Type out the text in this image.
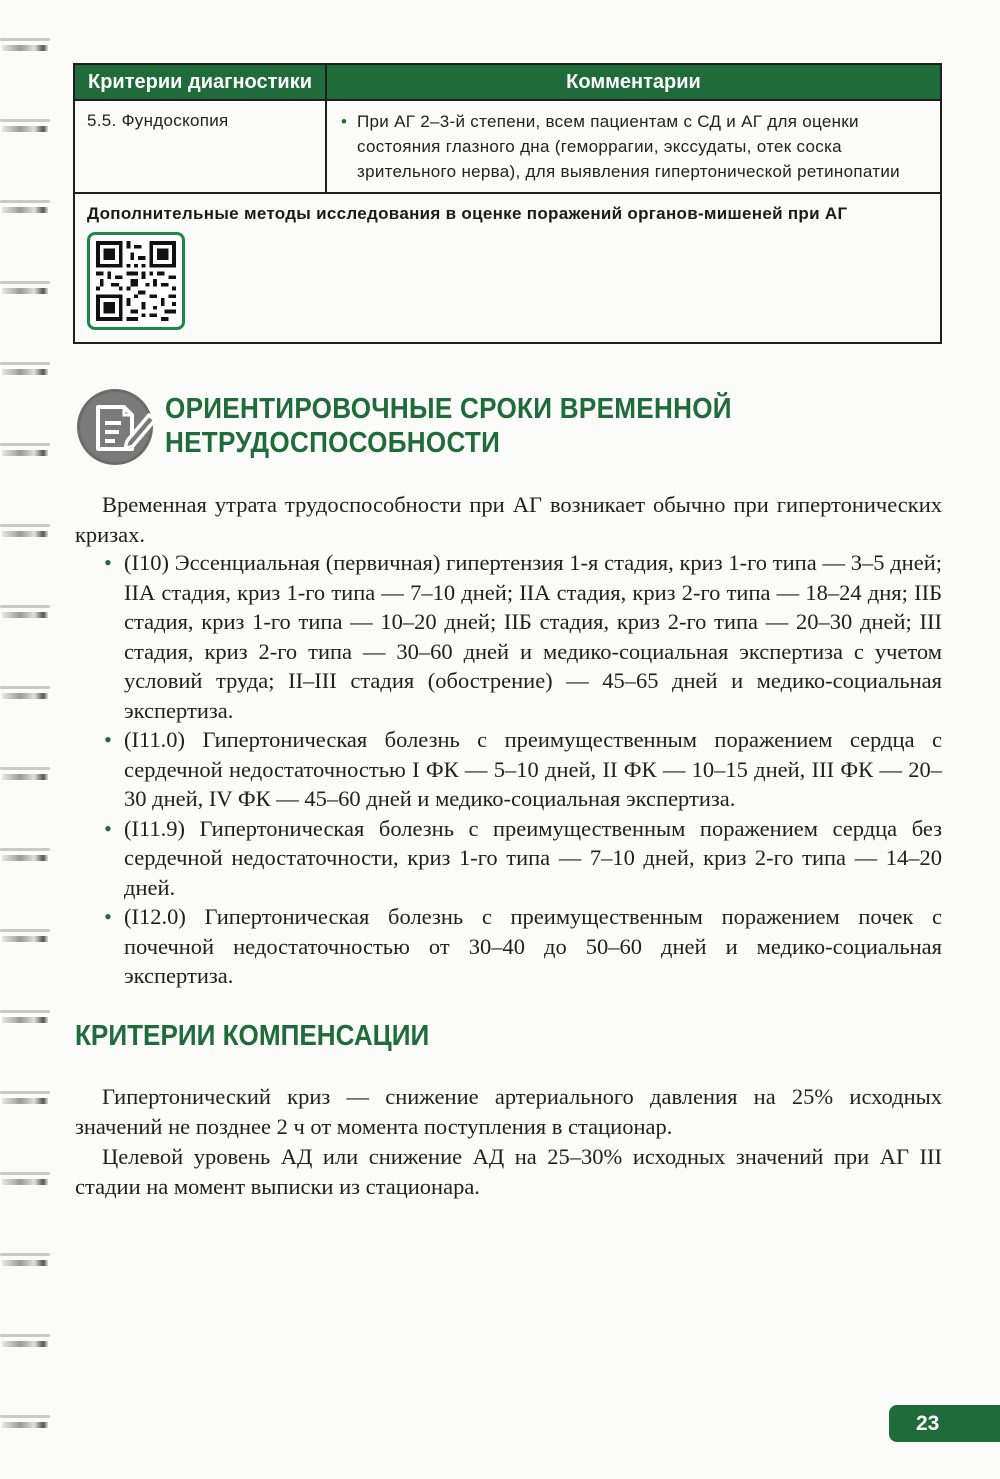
Критерии диагностики	Комментарии
5.5. Фундоскопия	• При АГ 2–3-й степени, всем пациентам с СД и АГ для оценки состояния глазного дна (геморрагии, экссудаты, отек соска зрительного нерва), для выявления гипертонической ретинопатии

Дополнительные методы исследования в оценке поражений органов-мишеней при АГ	
ОРИЕНТИРОВОЧНЫЕ СРОКИ ВРЕМЕННОЙ
НЕТРУДОСПОСОБНОСТИ

Временная утрата трудоспособности при АГ возникает обычно при гипертонических кризах.

• (I10) Эссенциальная (первичная) гипертензия 1-я стадия, криз 1-го типа — 3–5 дней; IIА стадия, криз 1-го типа — 7–10 дней; IIА стадия, криз 2-го типа — 18–24 дня; IIБ стадия, криз 1-го типа — 10–20 дней; IIБ стадия, криз 2-го типа — 20–30 дней; III стадия, криз 2-го типа — 30–60 дней и медико-социальная экспертиза с учетом условий труда; II–III стадия (обострение) — 45–65 дней и медико-социальная экспертиза.
• (I11.0) Гипертоническая болезнь с преимущественным поражением сердца с сердечной недостаточностью I ФК — 5–10 дней, II ФК — 10–15 дней, III ФК — 20–30 дней, IV ФК — 45–60 дней и медико-социальная экспертиза.
• (I11.9) Гипертоническая болезнь с преимущественным поражением сердца без сердечной недостаточности, криз 1-го типа — 7–10 дней, криз 2-го типа — 14–20 дней.
• (I12.0) Гипертоническая болезнь с преимущественным поражением почек с почечной недостаточностью от 30–40 до 50–60 дней и медико-социальная экспертиза.
КРИТЕРИИ КОМПЕНСАЦИИ

Гипертонический криз — снижение артериального давления на 25% исходных значений не позднее 2 ч от момента поступления в стационар.

Целевой уровень АД или снижение АД на 25–30% исходных значений при АГ III стадии на момент выписки из стационара.

23
